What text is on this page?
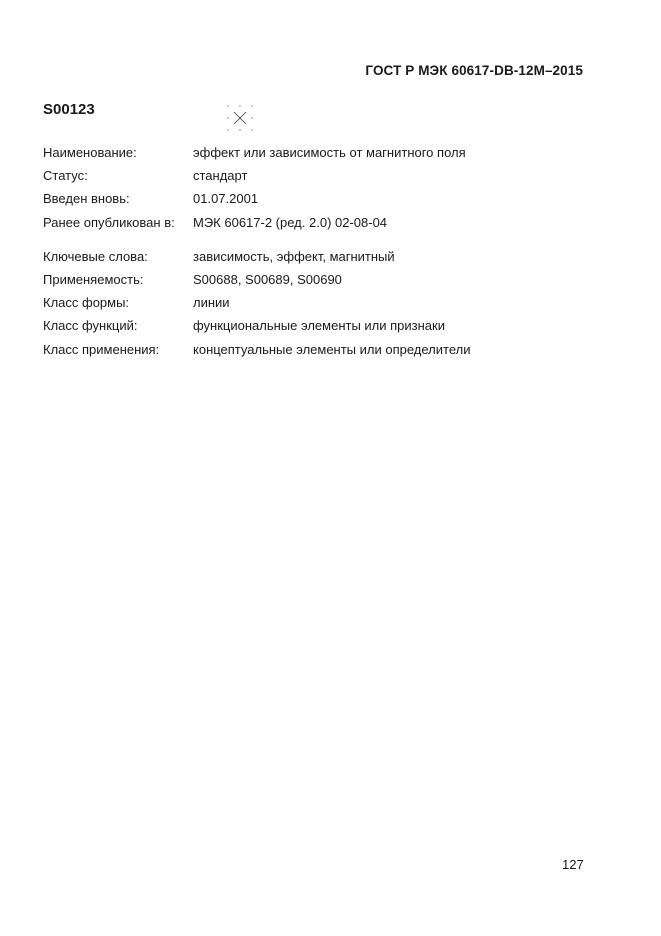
ГОСТ Р МЭК 60617-DB-12M–2015
S00123
Наименование:	эффект или зависимость от магнитного поля
Статус:	стандарт
Введен вновь:	01.07.2001
Ранее опубликован в:	МЭК 60617-2 (ред. 2.0) 02-08-04
Ключевые слова:	зависимость, эффект, магнитный
Применяемость:	S00688, S00689, S00690
Класс формы:	линии
Класс функций:	функциональные элементы или признаки
Класс применения:	концептуальные элементы или определители
127
